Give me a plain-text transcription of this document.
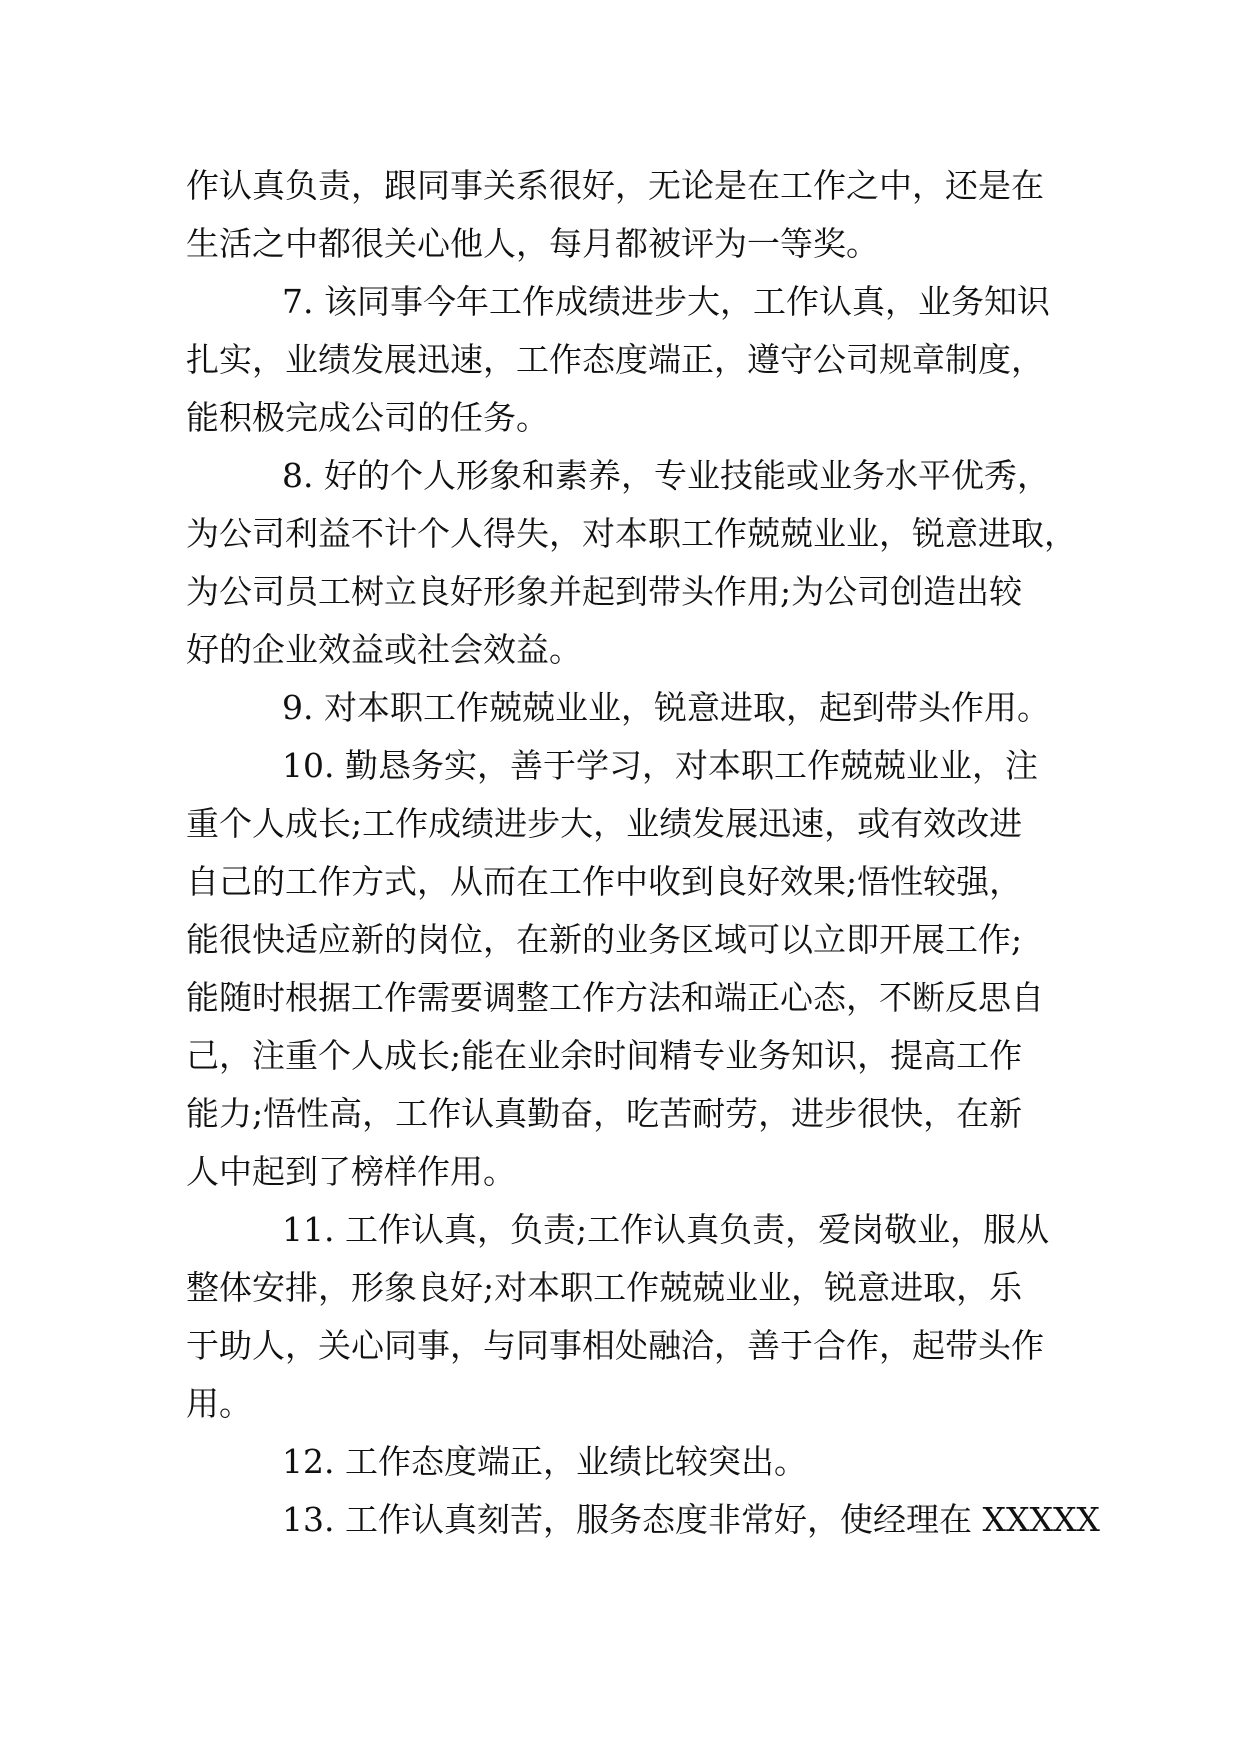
作认真负责，跟同事关系很好，无论是在工作之中，还是在

生活之中都很关心他人，每月都被评为一等奖。

7. 该同事今年工作成绩进步大，工作认真，业务知识

扎实，业绩发展迅速，工作态度端正，遵守公司规章制度，

能积极完成公司的任务。

8. 好的个人形象和素养，专业技能或业务水平优秀，

为公司利益不计个人得失，对本职工作兢兢业业，锐意进取，

为公司员工树立良好形象并起到带头作用;为公司创造出较

好的企业效益或社会效益。

9. 对本职工作兢兢业业，锐意进取，起到带头作用。

10. 勤恳务实，善于学习，对本职工作兢兢业业，注

重个人成长;工作成绩进步大，业绩发展迅速，或有效改进

自己的工作方式，从而在工作中收到良好效果;悟性较强，

能很快适应新的岗位，在新的业务区域可以立即开展工作;

能随时根据工作需要调整工作方法和端正心态，不断反思自

己，注重个人成长;能在业余时间精专业务知识，提高工作

能力;悟性高，工作认真勤奋，吃苦耐劳，进步很快，在新

人中起到了榜样作用。

11. 工作认真，负责;工作认真负责，爱岗敬业，服从

整体安排，形象良好;对本职工作兢兢业业，锐意进取，乐

于助人，关心同事，与同事相处融洽，善于合作，起带头作

用。

12. 工作态度端正，业绩比较突出。

13. 工作认真刻苦，服务态度非常好，使经理在 XXXXX
